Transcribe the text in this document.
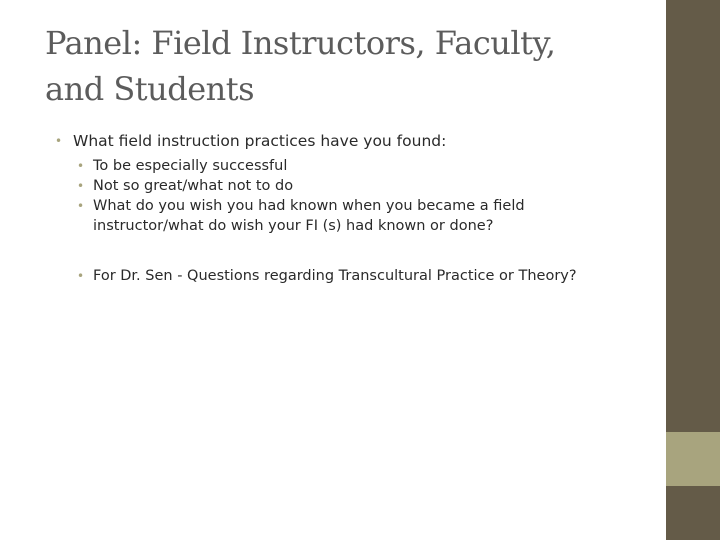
Panel: Field Instructors, Faculty,
and Students

• What field instruction practices have you found:

• To be especially successful

• Not so great/what not to do

• What do you wish you had known when you became a field instructor/what do wish your FI (s) had known or done?

• For Dr. Sen - Questions regarding Transcultural Practice or Theory?
